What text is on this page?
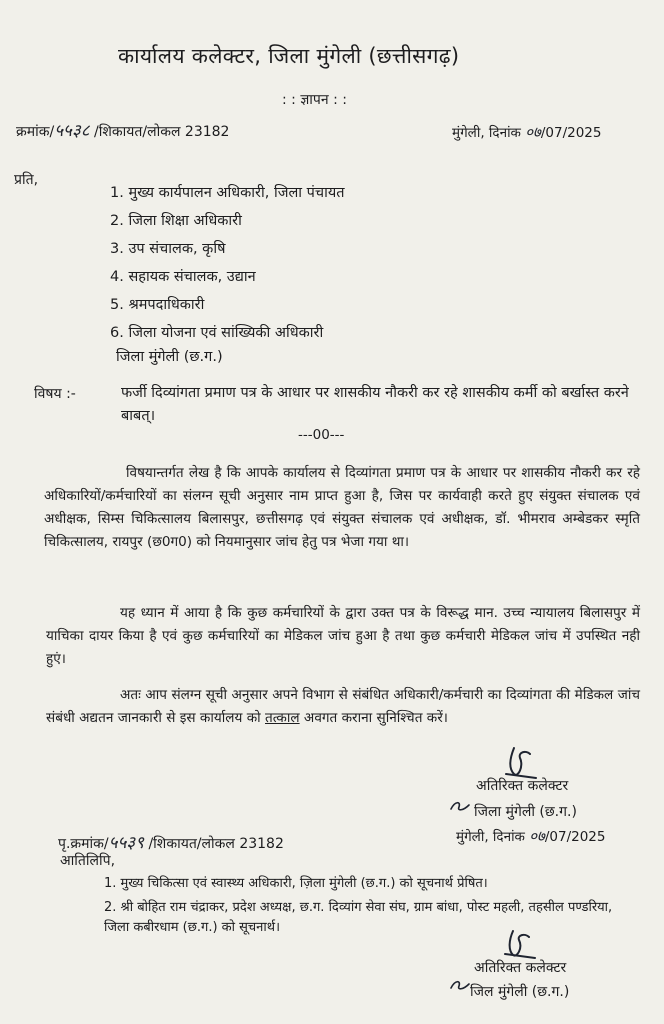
कार्यालय कलेक्टर, जिला मुंगेली (छत्तीसगढ़)
: : ज्ञापन : :
क्रमांक/५५३८ /शिकायत/लोकल 23182	मुंगेली, दिनांक ०७/07/2025
प्रति,
1. मुख्य कार्यपालन अधिकारी, जिला पंचायत
2. जिला शिक्षा अधिकारी
3. उप संचालक, कृषि
4. सहायक संचालक, उद्यान
5. श्रमपदाधिकारी
6. जिला योजना एवं सांख्यिकी अधिकारी
जिला मुंगेली (छ.ग.)
विषय :-	फर्जी दिव्यांगता प्रमाण पत्र के आधार पर शासकीय नौकरी कर रहे शासकीय कर्मी को बर्खास्त करने बाबत्।
---00---
विषयान्तर्गत लेख है कि आपके कार्यालय से दिव्यांगता प्रमाण पत्र के आधार पर शासकीय नौकरी कर रहे अधिकारियों/कर्मचारियों का संलग्न सूची अनुसार नाम प्राप्त हुआ है, जिस पर कार्यवाही करते हुए संयुक्त संचालक एवं अधीक्षक, सिम्स चिकित्सालय बिलासपुर, छत्तीसगढ़ एवं संयुक्त संचालक एवं अधीक्षक, डॉ. भीमराव अम्बेडकर स्मृति चिकित्सालय, रायपुर (छ0ग0) को नियमानुसार जांच हेतु पत्र भेजा गया था।
यह ध्यान में आया है कि कुछ कर्मचारियों के द्वारा उक्त पत्र के विरूद्ध मान. उच्च न्यायालय बिलासपुर में याचिका दायर किया है एवं कुछ कर्मचारियों का मेडिकल जांच हुआ है तथा कुछ कर्मचारी मेडिकल जांच में उपस्थित नही हुएं।
अतः आप संलग्न सूची अनुसार अपने विभाग से संबंधित अधिकारी/कर्मचारी का दिव्यांगता की मेडिकल जांच संबंधी अद्यतन जानकारी से इस कार्यालय को तत्काल अवगत कराना सुनिश्चित करें।
अतिरिक्त कलेक्टर
जिला मुंगेली (छ.ग.)
पृ.क्रमांक/५५३९ /शिकायत/लोकल 23182	मुंगेली, दिनांक ०७/07/2025
आतिलिपि,
1. मुख्य चिकित्सा एवं स्वास्थ्य अधिकारी, ज़िला मुंगेली (छ.ग.) को सूचनार्थ प्रेषित।
2. श्री बोहित राम चंद्राकर, प्रदेश अध्यक्ष, छ.ग. दिव्यांग सेवा संघ, ग्राम बांधा, पोस्ट महली, तहसील पण्डरिया, जिला कबीरधाम (छ.ग.) को सूचनार्थ।
अतिरिक्त कलेक्टर
जिल मुंगेली (छ.ग.)
